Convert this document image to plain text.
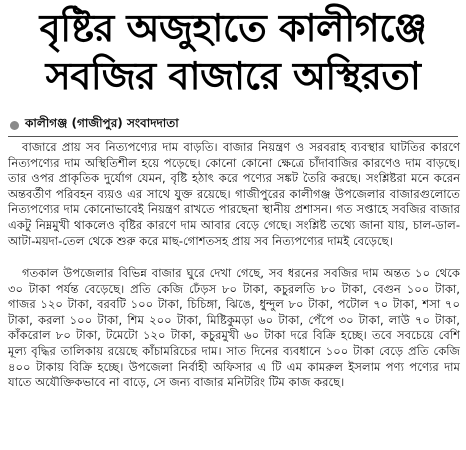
বৃষ্টির অজুহাতে কালীগঞ্জে
সবজির বাজারে অস্থিরতা
কালীগঞ্জ (গাজীপুর) সংবাদদাতা

বাজারে প্রায় সব নিত্যপণ্যের দাম বাড়তি। বাজার নিয়ন্ত্রণ ও সরবরাহ ব্যবস্থার ঘাটতির কারণে নিত্যপণ্যের দাম অস্থিতিশীল হয়ে পড়েছে। কোনো কোনো ক্ষেত্রে চাঁদাবাজির কারণেও দাম বাড়ছে। তার ওপর প্রাকৃতিক দুর্যোগ যেমন, বৃষ্টি হঠাৎ করে পণ্যের সঙ্কট তৈরি করছে। সংশ্লিষ্টরা মনে করেন অন্তবর্তীণ পরিবহন ব্যয়ও এর সাথে যুক্ত রয়েছে। গাজীপুরের কালীগঞ্জ উপজেলার বাজারগুলোতে নিত্যপণ্যের দাম কোনোভাবেই নিয়ন্ত্রণ রাখতে পারছেনা স্থানীয় প্রশাসন। গত সপ্তাহে সবজির বাজার একটু নিম্নমুখী থাকলেও বৃষ্টির কারণে দাম আবার বেড়ে গেছে। সংশ্লিষ্ট তথ্যে জানা যায়, চাল-ডাল-আটা-ময়দা-তেল থেকে শুরু করে মাছ-গোশতসহ প্রায় সব নিত্যপণ্যের দামই বেড়েছে।

গতকাল উপজেলার বিভিন্ন বাজার ঘুরে দেখা গেছে, সব ধরনের সবজির দাম অন্তত ১০ থেকে ৩০ টাকা পর্যন্ত বেড়েছে। প্রতি কেজি ঢেঁড়স ৮০ টাকা, কচুরলতি ৮০ টাকা, বেগুন ১০০ টাকা, গাজর ১২০ টাকা, বরবটি ১০০ টাকা, চিচিঙ্গা, ঝিঙে, ধুন্দুল ৮০ টাকা, পটোল ৭০ টাকা, শসা ৭০ টাকা, করলা ১০০ টাকা, শিম ২০০ টাকা, মিষ্টিকুমড়া ৬০ টাকা, পেঁপে ৩০ টাকা, লাউ ৭০ টাকা, কাঁকরোল ৮০ টাকা, টমেটো ১২০ টাকা, কচুরমুখী ৬০ টাকা দরে বিক্রি হচ্ছে। তবে সবচেয়ে বেশি মূল্য বৃদ্ধির তালিকায় রয়েছে কাঁচামরিচের দাম। সাত দিনের ব্যবধানে ১০০ টাকা বেড়ে প্রতি কেজি ৪০০ টাকায় বিক্রি হচ্ছে। উপজেলা নির্বাহী অফিসার এ টি এম কামরুল ইসলাম পণ্য পণ্যের দাম যাতে অযৌক্তিকভাবে না বাড়ে, সে জন্য বাজার মনিটরিং টিম কাজ করছে।
